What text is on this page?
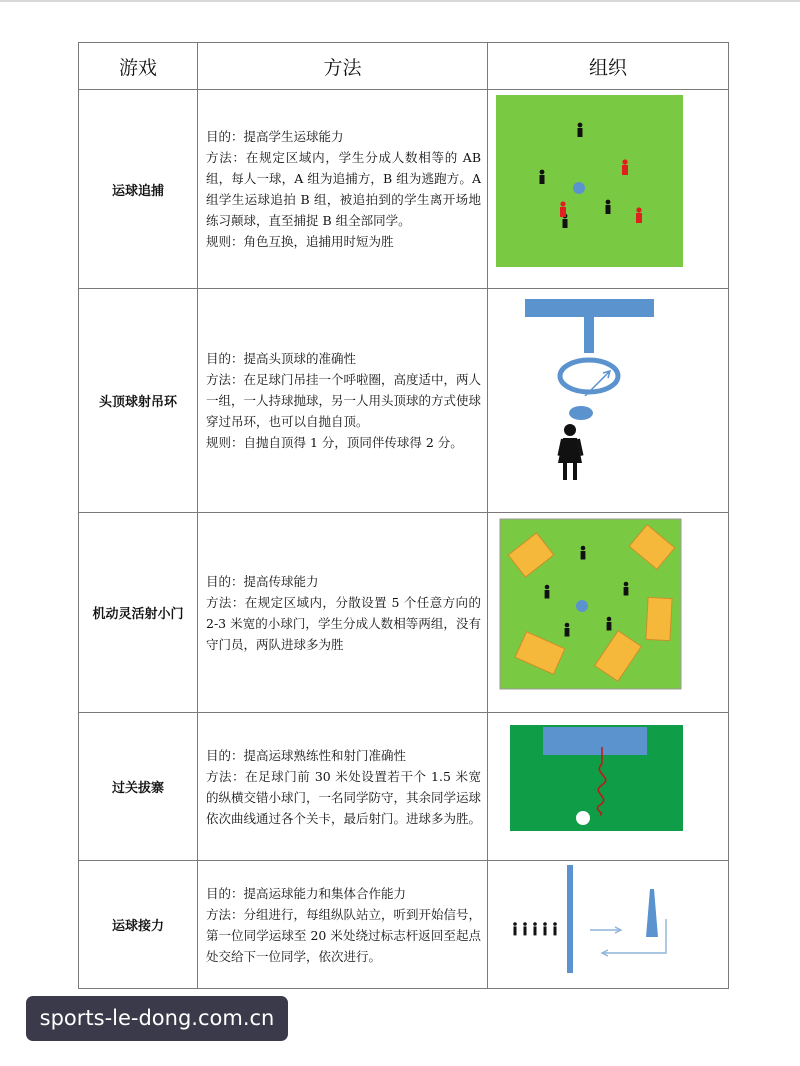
游戏	方法	组织
运球追捕	目的：提高学生运球能力

方法：在规定区域内，学生分成人数相等的 AB 组，每人一球，A 组为追捕方，B 组为逃跑方。A 组学生运球追拍 B 组，被追拍到的学生离开场地练习颠球，直至捕捉 B 组全部同学。

规则：角色互换，追捕用时短为胜

头顶球射吊环	目的：提高头顶球的准确性

方法：在足球门吊挂一个呼啦圈，高度适中，两人一组，一人持球抛球，另一人用头顶球的方式使球穿过吊环，也可以自抛自顶。

规则：自抛自顶得 1 分，顶同伴传球得 2 分。

机动灵活射小门	目的：提高传球能力

方法：在规定区域内，分散设置 5 个任意方向的 2-3 米宽的小球门，学生分成人数相等两组，没有守门员，两队进球多为胜

过关拔寨	目的：提高运球熟练性和射门准确性

方法：在足球门前 30 米处设置若干个 1.5 米宽的纵横交错小球门，一名同学防守，其余同学运球依次曲线通过各个关卡，最后射门。进球多为胜。

运球接力	目的：提高运球能力和集体合作能力

方法：分组进行，每组纵队站立，听到开始信号，第一位同学运球至 20 米处绕过标志杆返回至起点处交给下一位同学，依次进行。

sports-le-dong.com.cn
